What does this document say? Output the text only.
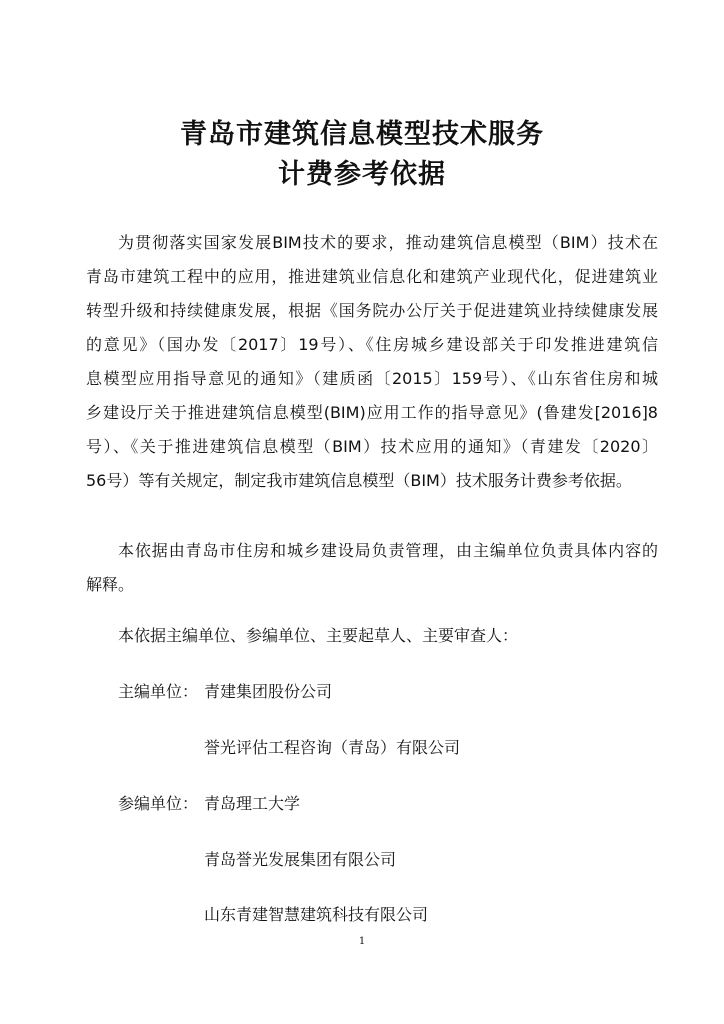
青岛市建筑信息模型技术服务
计费参考依据
为贯彻落实国家发展BIM技术的要求，推动建筑信息模型（BIM）技术在
青岛市建筑工程中的应用，推进建筑业信息化和建筑产业现代化，促进建筑业
转型升级和持续健康发展，根据《国务院办公厅关于促进建筑业持续健康发展
的意见》（国办发〔2017〕19号）、《住房城乡建设部关于印发推进建筑信
息模型应用指导意见的通知》（建质函〔2015〕159号）、《山东省住房和城
乡建设厅关于推进建筑信息模型(BIM)应用工作的指导意见》(鲁建发[2016]8
号）、《关于推进建筑信息模型（BIM）技术应用的通知》（青建发〔2020〕
56号）等有关规定，制定我市建筑信息模型（BIM）技术服务计费参考依据。
本依据由青岛市住房和城乡建设局负责管理，由主编单位负责具体内容的
解释。
本依据主编单位、参编单位、主要起草人、主要审查人：
主编单位： 青建集团股份公司
誉光评估工程咨询（青岛）有限公司
参编单位： 青岛理工大学
青岛誉光发展集团有限公司
山东青建智慧建筑科技有限公司
1
